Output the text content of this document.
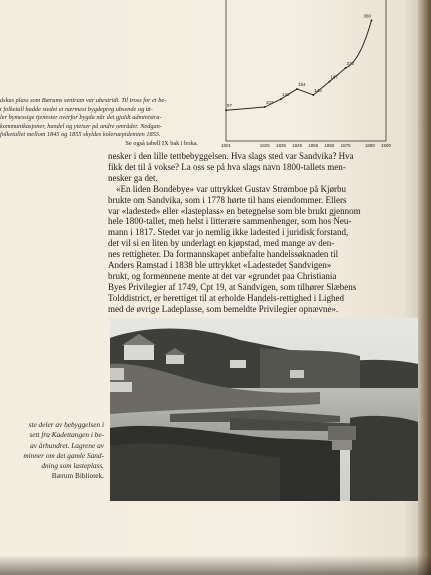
97
107
132
164
145
187
230
380
1801	1825 1835 1845 1855 1865 1875	1890 1900
dskus plass som Bærums sentrum var ubestridt. Til tross for et be-
t folketall hadde stedet et nærmest bygdepreg ubsende og ut-
ler bymessige tjenester overfor bygda når det gjaldt administra-
kommunikasjoner, handel og yteiser på andre områder. Nedgan-
folketallet mellom 1845 og 1855 skyldes koleraepidemien 1853.
Se også tabell IX bak i boka.
nesker i den lille tettbebyggelsen. Hva slags sted var Sandvika? Hva
fikk det til å vokse? La oss se på hva slags navn 1800-tallets men-
nesker ga det.
«En liden Bondebye» var uttrykket Gustav Strømboe på Kjørbu
brukte om Sandvika, som i 1778 hørte til hans eiendommer. Ellers
var «ladested» eller «lasteplass» en betegnelse som ble brukt gjennom
hele 1800-tallet, men helst i litterære sammenhenger, som hos Neu-
mann i 1817. Stedet var jo nemlig ikke ladested i juridisk forstand,
det vil si en liten by underlagt en kjøpstad, med mange av den-
nes rettigheter. Da formannskapet anbefalte handelssøknaden til
Anders Ramstad i 1838 ble uttrykket «Ladestedet Sandvigen»
brukt, og formennene mente at det var «grundet paa Christiania
Byes Privilegier af 1749, Cpt 19, at Sandvigen, som tilhører Slæbens
Tolddistrict, er berettiget til at erholde Handels-rettighed i Lighed
med de øvrige Ladeplasse, som bemeldte Privilegier opnævne».
ste deler av bebyggelsen i
sett fra Kadettangen i be-
av århundret. Lagrene av
minner om det gamle Sand-
dning som lasteplass.
Bærum Bibliotek.
